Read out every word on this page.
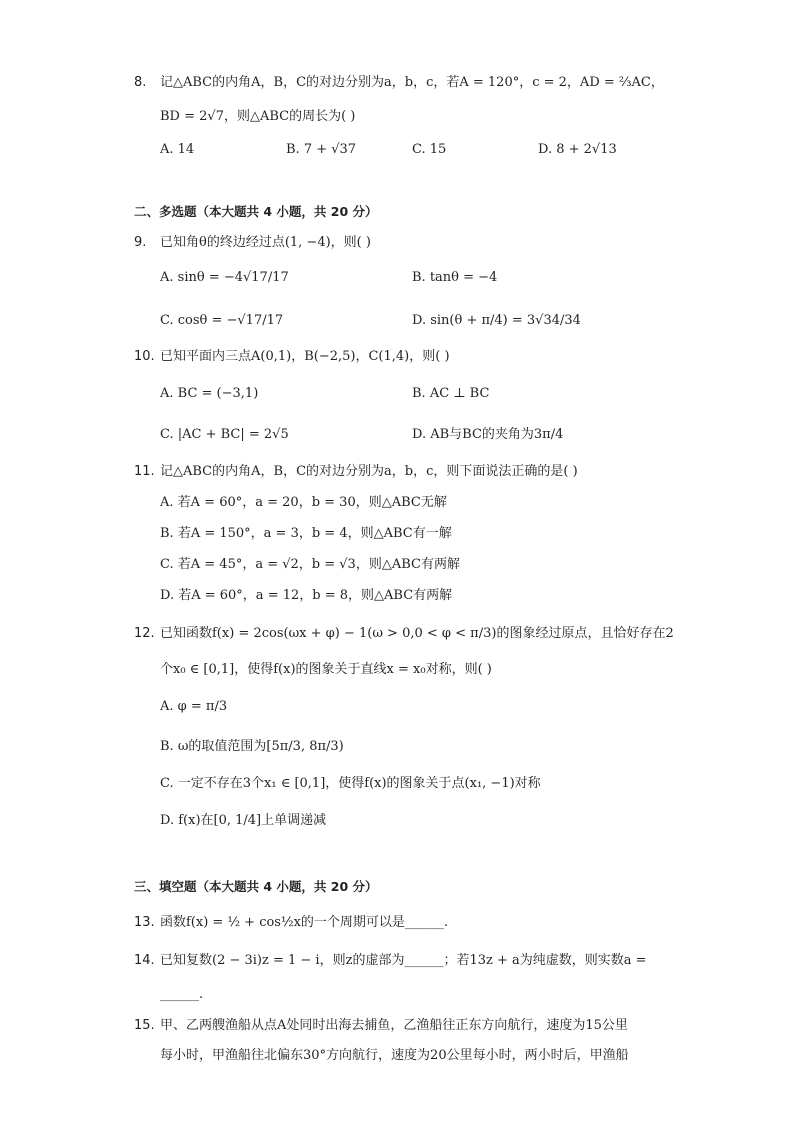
8. 记△ABC的内角A，B，C的对边分别为a，b，c，若A = 120°，c = 2，AD = ⅔AC，
BD = 2√7，则△ABC的周长为( )
A. 14	B. 7 + √37	C. 15	D. 8 + 2√13
二、多选题（本大题共 4 小题，共 20 分）
9. 已知角θ的终边经过点(1, −4)，则( )
A. sinθ = −4√17/17	B. tanθ = −4
C. cosθ = −√17/17	D. sin(θ + π/4) = 3√34/34
10. 已知平面内三点A(0,1)，B(−2,5)，C(1,4)，则( )
A. BC = (−3,1)	B. AC ⊥ BC
C. |AC + BC| = 2√5	D. AB与BC的夹角为3π/4
11. 记△ABC的内角A，B，C的对边分别为a，b，c，则下面说法正确的是( )
A. 若A = 60°，a = 20，b = 30，则△ABC无解
B. 若A = 150°，a = 3，b = 4，则△ABC有一解
C. 若A = 45°，a = √2，b = √3，则△ABC有两解
D. 若A = 60°，a = 12，b = 8，则△ABC有两解
12. 已知函数f(x) = 2cos(ωx + φ) − 1(ω > 0,0 < φ < π/3)的图象经过原点，且恰好存在2
个x₀ ∈ [0,1]，使得f(x)的图象关于直线x = x₀对称，则( )
A. φ = π/3
B. ω的取值范围为[5π/3, 8π/3)
C. 一定不存在3个x₁ ∈ [0,1]，使得f(x)的图象关于点(x₁, −1)对称
D. f(x)在[0, 1/4]上单调递减
三、填空题（本大题共 4 小题，共 20 分）
13. 函数f(x) = ½ + cos½x的一个周期可以是______.
14. 已知复数(2 − 3i)z = 1 − i，则z的虚部为______；若13z + a为纯虚数，则实数a =
______.
15. 甲、乙两艘渔船从点A处同时出海去捕鱼，乙渔船往正东方向航行，速度为15公里
每小时，甲渔船往北偏东30°方向航行，速度为20公里每小时，两小时后，甲渔船
